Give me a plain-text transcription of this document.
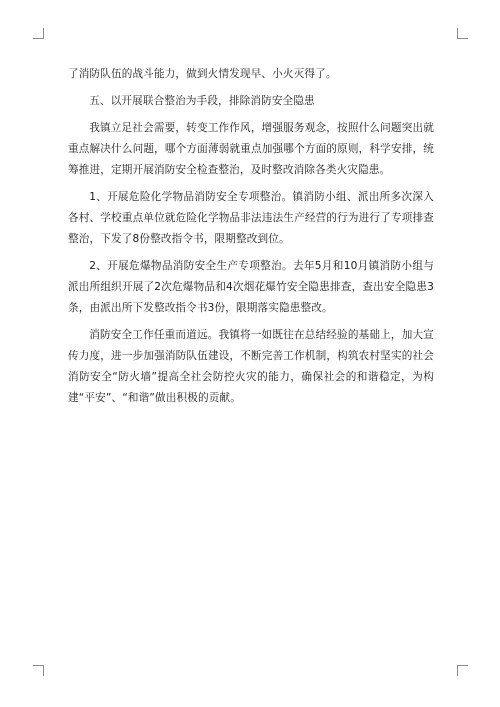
了消防队伍的战斗能力，做到火情发现早、小火灭得了。

五、以开展联合整治为手段，排除消防安全隐患

我镇立足社会需要，转变工作作风，增强服务观念，按照什么问题突出就重点解决什么问题，哪个方面薄弱就重点加强哪个方面的原则，科学安排，统筹推进，定期开展消防安全检查整治，及时整改消除各类火灾隐患。

1、开展危险化学物品消防安全专项整治。镇消防小组、派出所多次深入各村、学校重点单位就危险化学物品非法违法生产经营的行为进行了专项排查整治，下发了8份整改指令书，限期整改到位。

2、开展危爆物品消防安全生产专项整治。去年5月和10月镇消防小组与派出所组织开展了2次危爆物品和4次烟花爆竹安全隐患排查，查出安全隐患3条，由派出所下发整改指令书3份，限期落实隐患整改。

消防安全工作任重而道远。我镇将一如既往在总结经验的基础上，加大宣传力度，进一步加强消防队伍建设，不断完善工作机制，构筑农村坚实的社会消防安全“防火墙”提高全社会防控火灾的能力，确保社会的和谐稳定，为构建“平安”、“和谐”做出积极的贡献。
